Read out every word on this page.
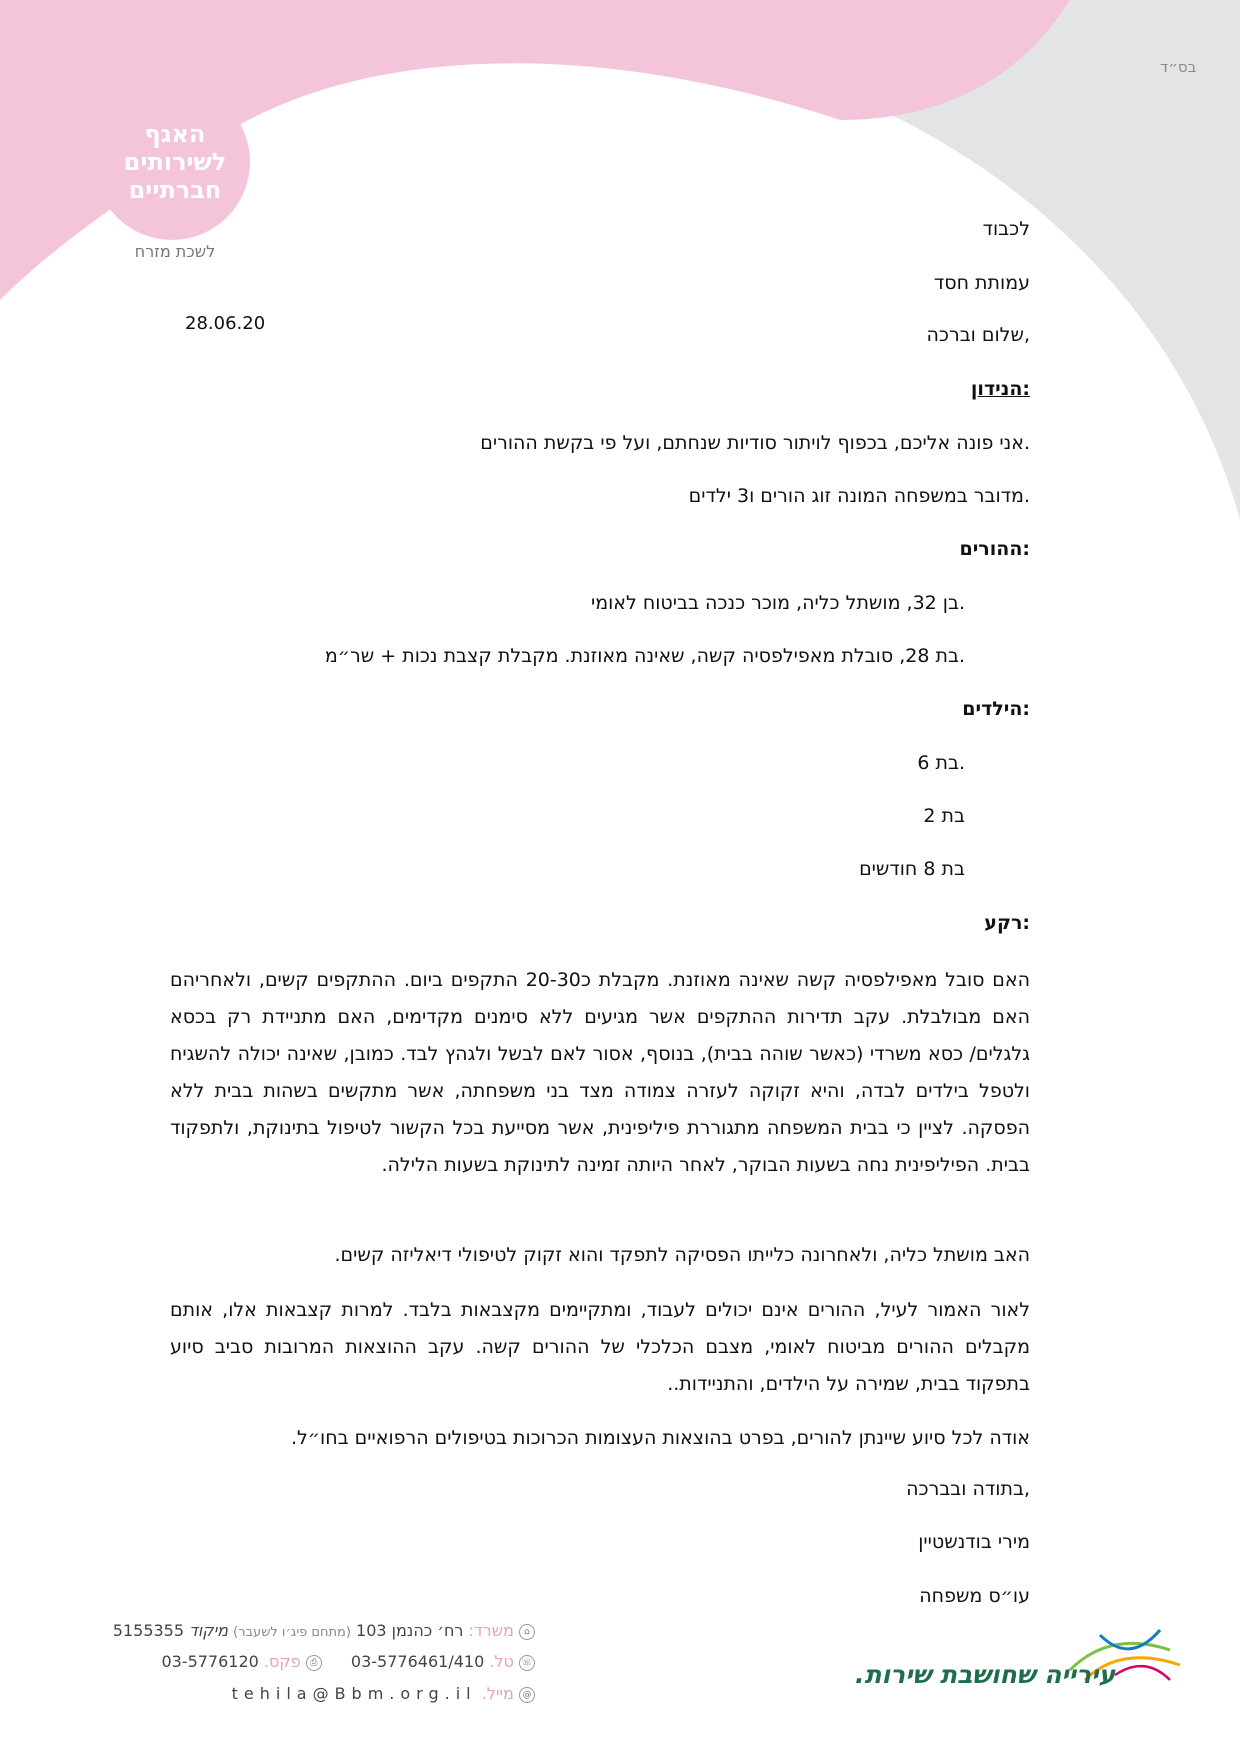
בס״ד
האגף לשירותים חברתיים
לשכת מזרח
28.06.20
לכבוד
עמותת חסד
שלום וברכה,
הנידון:
אני פונה אליכם, בכפוף לויתור סודיות שנחתם, ועל פי בקשת ההורים.
מדובר במשפחה המונה זוג הורים ו3 ילדים.
ההורים:
בן 32, מושתל כליה, מוכר כנכה בביטוח לאומי.
בת 28, סובלת מאפילפסיה קשה, שאינה מאוזנת. מקבלת קצבת נכות + שר״מ.
הילדים:
בת 6.
בת 2
בת 8 חודשים
רקע:
האם סובל מאפילפסיה קשה שאינה מאוזנת. מקבלת כ20-30 התקפים ביום. ההתקפים קשים, ולאחריהם האם מבולבלת. עקב תדירות ההתקפים אשר מגיעים ללא סימנים מקדימים, האם מתניידת רק בכסא גלגלים/ כסא משרדי (כאשר שוהה בבית), בנוסף, אסור לאם לבשל ולגהץ לבד. כמובן, שאינה יכולה להשגיח ולטפל בילדים לבדה, והיא זקוקה לעזרה צמודה מצד בני משפחתה, אשר מתקשים בשהות בבית ללא הפסקה. לציין כי בבית המשפחה מתגוררת פיליפינית, אשר מסייעת בכל הקשור לטיפול בתינוקת, ולתפקוד בבית. הפיליפינית נחה בשעות הבוקר, לאחר היותה זמינה לתינוקת בשעות הלילה.
האב מושתל כליה, ולאחרונה כלייתו הפסיקה לתפקד והוא זקוק לטיפולי דיאליזה קשים.
לאור האמור לעיל, ההורים אינם יכולים לעבוד, ומתקיימים מקצבאות בלבד. למרות קצבאות אלו, אותם מקבלים ההורים מביטוח לאומי, מצבם הכלכלי של ההורים קשה. עקב ההוצאות המרובות סביב סיוע בתפקוד בבית, שמירה על הילדים, והתניידות..
אודה לכל סיוע שיינתן להורים, בפרט בהוצאות העצומות הכרוכות בטיפולים הרפואיים בחו״ל.
בתודה ובברכה,
מירי בודנשטיין
עו״ס משפחה
⌂ משרד: רח׳ כהנמן 103 (מתחם פיג׳ו לשעבר) מיקוד 5155355
☏ טל. 03-5776461/410 ⎙ פקס. 03-5776120
@ מייל. tehila@Bbm.org.il
עירייה שחושבת שירות.
